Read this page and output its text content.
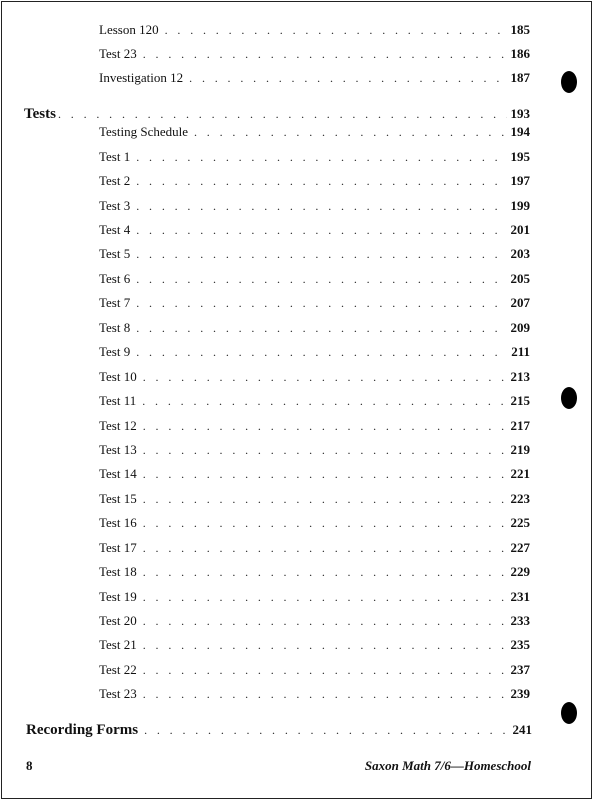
Lesson 120 . . .	185
Test 23 . . .	186
Investigation 12 . . .	187
Tests . . .	193
Testing Schedule . . .	194
Test 1 . . .	195
Test 2 . . .	197
Test 3 . . .	199
Test 4 . . .	201
Test 5 . . .	203
Test 6 . . .	205
Test 7 . . .	207
Test 8 . . .	209
Test 9 . . .	211
Test 10 . . .	213
Test 11 . . .	215
Test 12 . . .	217
Test 13 . . .	219
Test 14 . . .	221
Test 15 . . .	223
Test 16 . . .	225
Test 17 . . .	227
Test 18 . . .	229
Test 19 . . .	231
Test 20 . . .	233
Test 21 . . .	235
Test 22 . . .	237
Test 23 . . .	239
Recording Forms . . .	241
8	Saxon Math 7/6—Homeschool
